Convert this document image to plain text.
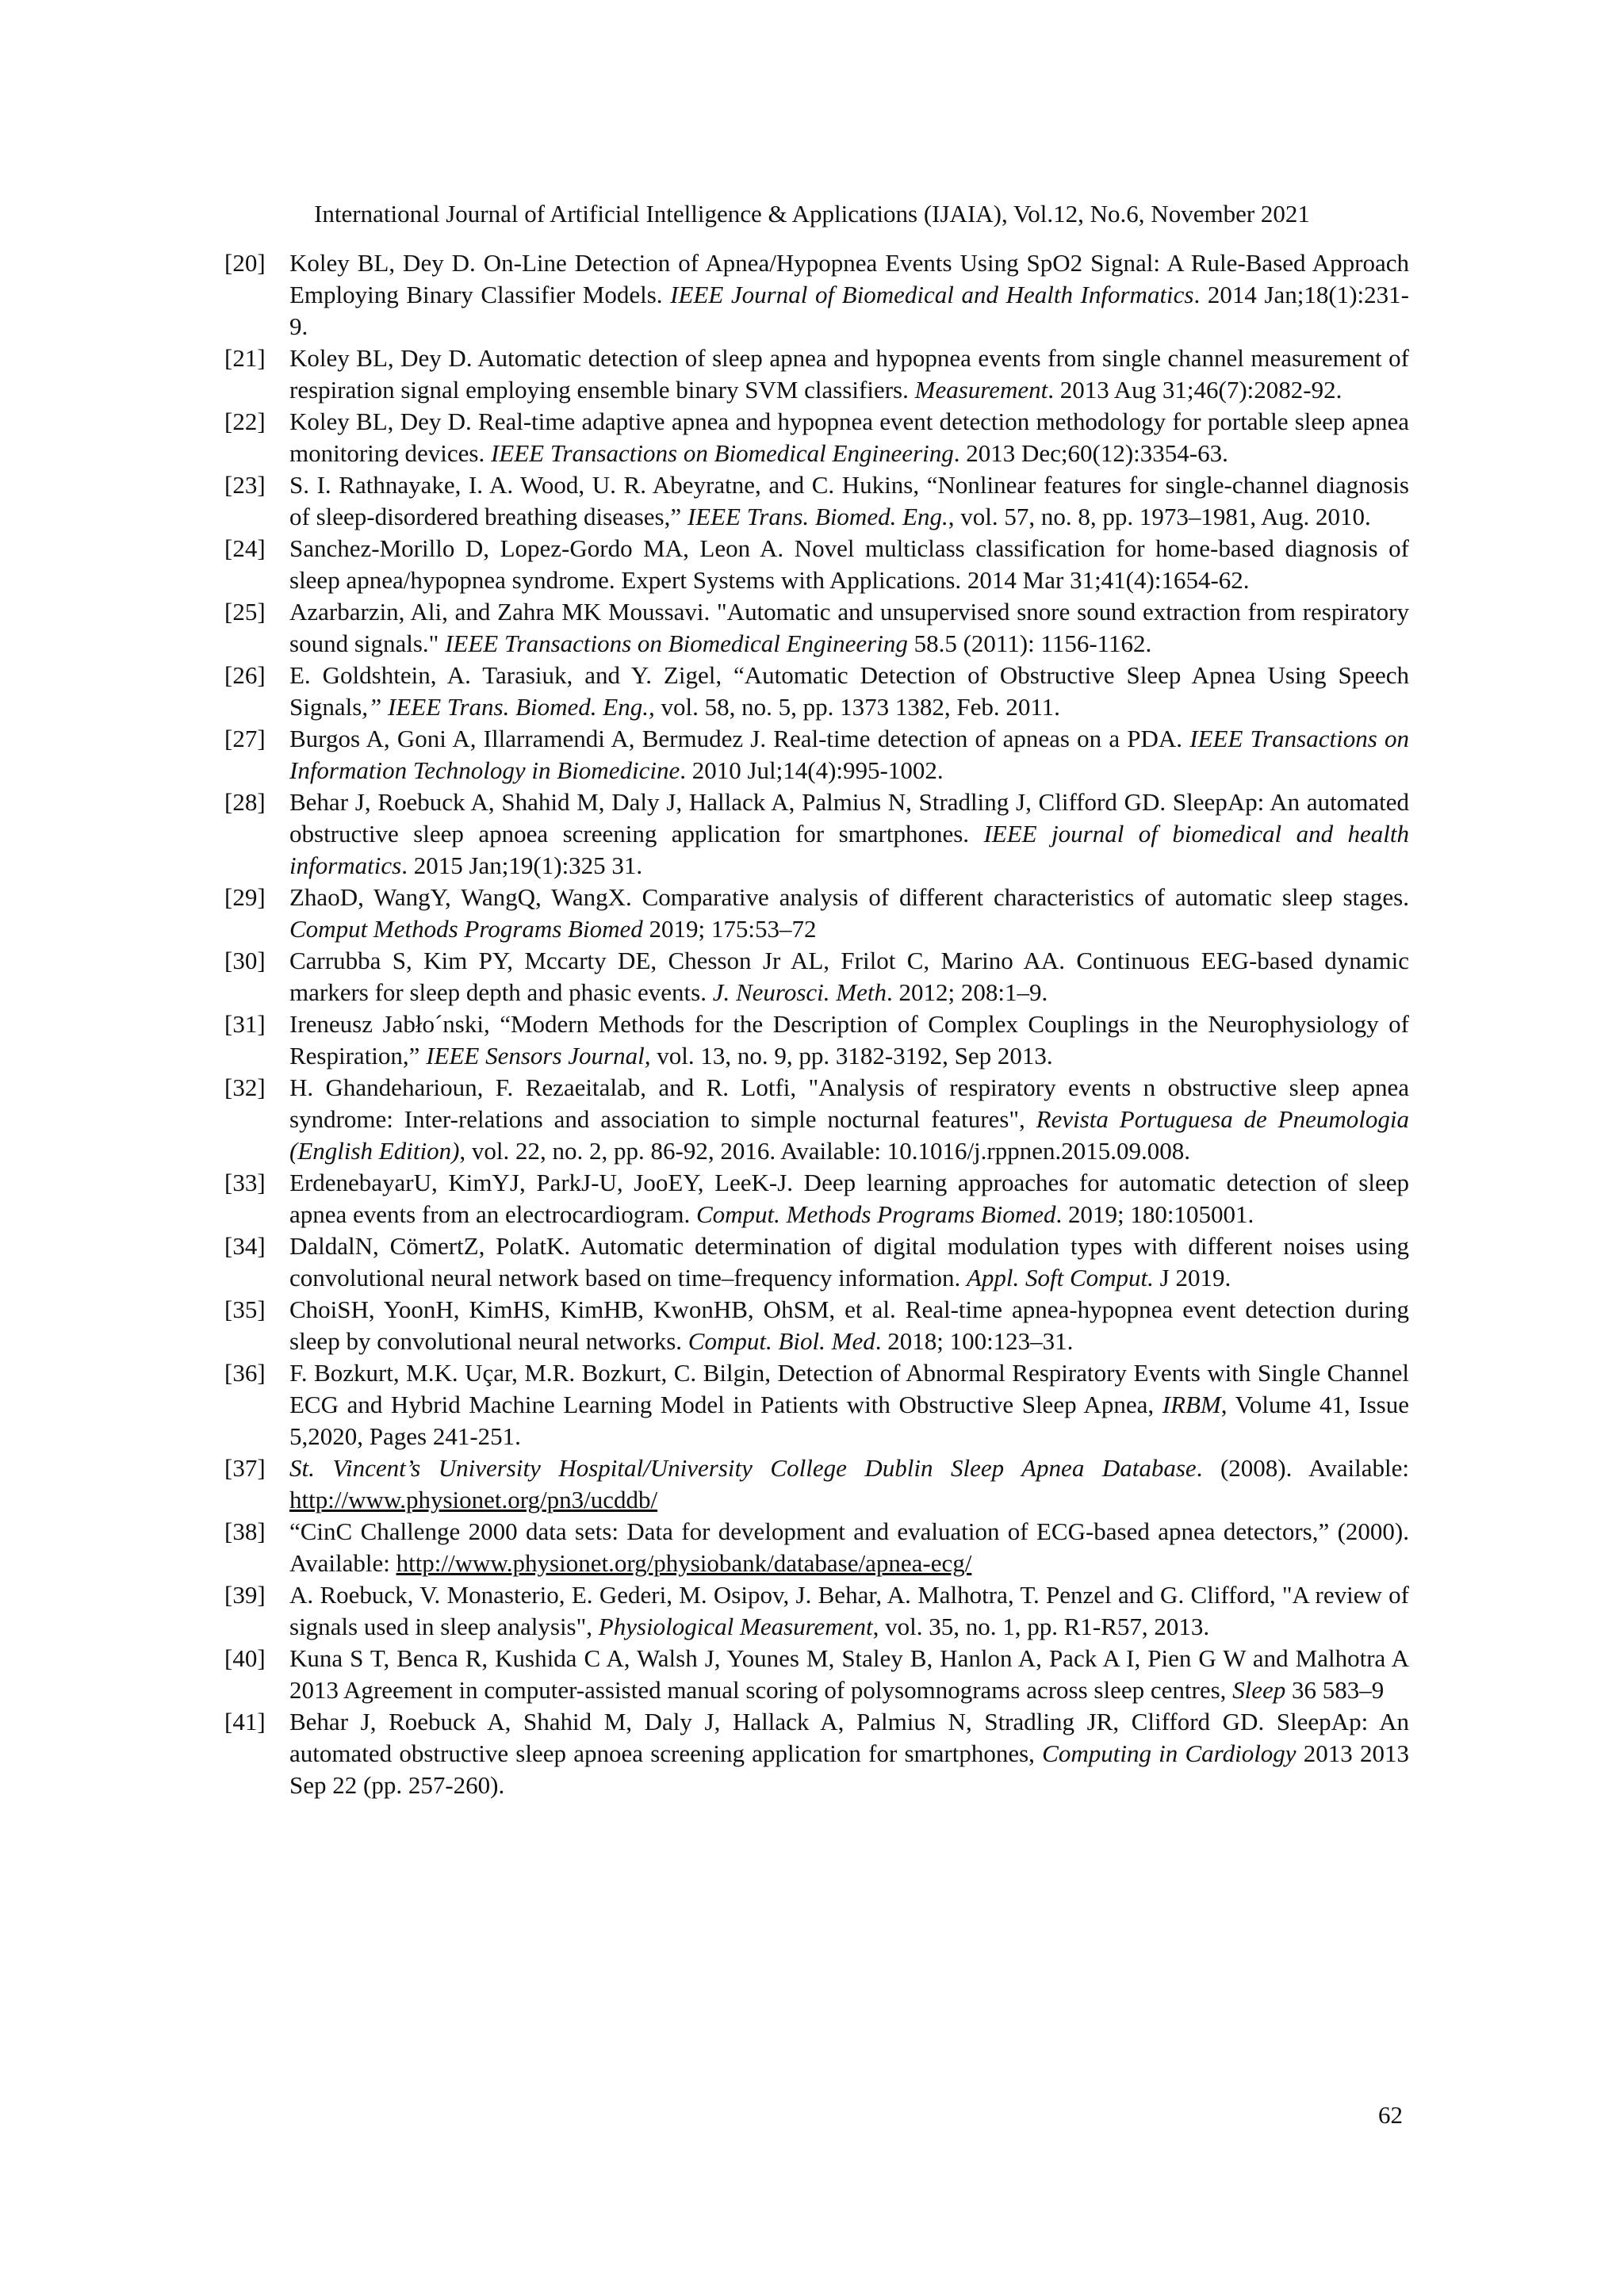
International Journal of Artificial Intelligence & Applications (IJAIA), Vol.12, No.6, November 2021
[20] Koley BL, Dey D. On-Line Detection of Apnea/Hypopnea Events Using SpO2 Signal: A Rule-Based Approach Employing Binary Classifier Models. IEEE Journal of Biomedical and Health Informatics. 2014 Jan;18(1):231-9.
[21] Koley BL, Dey D. Automatic detection of sleep apnea and hypopnea events from single channel measurement of respiration signal employing ensemble binary SVM classifiers. Measurement. 2013 Aug 31;46(7):2082-92.
[22] Koley BL, Dey D. Real-time adaptive apnea and hypopnea event detection methodology for portable sleep apnea monitoring devices. IEEE Transactions on Biomedical Engineering. 2013 Dec;60(12):3354-63.
[23] S. I. Rathnayake, I. A. Wood, U. R. Abeyratne, and C. Hukins, “Nonlinear features for single-channel diagnosis of sleep-disordered breathing diseases,” IEEE Trans. Biomed. Eng., vol. 57, no. 8, pp. 1973–1981, Aug. 2010.
[24] Sanchez-Morillo D, Lopez-Gordo MA, Leon A. Novel multiclass classification for home-based diagnosis of sleep apnea/hypopnea syndrome. Expert Systems with Applications. 2014 Mar 31;41(4):1654-62.
[25] Azarbarzin, Ali, and Zahra MK Moussavi. "Automatic and unsupervised snore sound extraction from respiratory sound signals." IEEE Transactions on Biomedical Engineering 58.5 (2011): 1156-1162.
[26] E. Goldshtein, A. Tarasiuk, and Y. Zigel, “Automatic Detection of Obstructive Sleep Apnea Using Speech Signals,” IEEE Trans. Biomed. Eng., vol. 58, no. 5, pp. 1373 1382, Feb. 2011.
[27] Burgos A, Goni A, Illarramendi A, Bermudez J. Real-time detection of apneas on a PDA. IEEE Transactions on Information Technology in Biomedicine. 2010 Jul;14(4):995-1002.
[28] Behar J, Roebuck A, Shahid M, Daly J, Hallack A, Palmius N, Stradling J, Clifford GD. SleepAp: An automated obstructive sleep apnoea screening application for smartphones. IEEE journal of biomedical and health informatics. 2015 Jan;19(1):325 31.
[29] ZhaoD, WangY, WangQ, WangX. Comparative analysis of different characteristics of automatic sleep stages. Comput Methods Programs Biomed 2019; 175:53–72
[30] Carrubba S, Kim PY, Mccarty DE, Chesson Jr AL, Frilot C, Marino AA. Continuous EEG-based dynamic markers for sleep depth and phasic events. J. Neurosci. Meth. 2012; 208:1–9.
[31] Ireneusz Jabło´nski, “Modern Methods for the Description of Complex Couplings in the Neurophysiology of Respiration,” IEEE Sensors Journal, vol. 13, no. 9, pp. 3182-3192, Sep 2013.
[32] H. Ghandeharioun, F. Rezaeitalab, and R. Lotfi, "Analysis of respiratory events n obstructive sleep apnea syndrome: Inter-relations and association to simple nocturnal features", Revista Portuguesa de Pneumologia (English Edition), vol. 22, no. 2, pp. 86-92, 2016. Available: 10.1016/j.rppnen.2015.09.008.
[33] ErdenebayarU, KimYJ, ParkJ-U, JooEY, LeeK-J. Deep learning approaches for automatic detection of sleep apnea events from an electrocardiogram. Comput. Methods Programs Biomed. 2019; 180:105001.
[34] DaldalN, CömertZ, PolatK. Automatic determination of digital modulation types with different noises using convolutional neural network based on time–frequency information. Appl. Soft Comput. J 2019.
[35] ChoiSH, YoonH, KimHS, KimHB, KwonHB, OhSM, et al. Real-time apnea-hypopnea event detection during sleep by convolutional neural networks. Comput. Biol. Med. 2018; 100:123–31.
[36] F. Bozkurt, M.K. Uçar, M.R. Bozkurt, C. Bilgin, Detection of Abnormal Respiratory Events with Single Channel ECG and Hybrid Machine Learning Model in Patients with Obstructive Sleep Apnea, IRBM, Volume 41, Issue 5,2020, Pages 241-251.
[37] St. Vincent’s University Hospital/University College Dublin Sleep Apnea Database. (2008). Available: http://www.physionet.org/pn3/ucddb/
[38] “CinC Challenge 2000 data sets: Data for development and evaluation of ECG-based apnea detectors,” (2000). Available: http://www.physionet.org/physiobank/database/apnea-ecg/
[39] A. Roebuck, V. Monasterio, E. Gederi, M. Osipov, J. Behar, A. Malhotra, T. Penzel and G. Clifford, "A review of signals used in sleep analysis", Physiological Measurement, vol. 35, no. 1, pp. R1-R57, 2013.
[40] Kuna S T, Benca R, Kushida C A, Walsh J, Younes M, Staley B, Hanlon A, Pack A I, Pien G W and Malhotra A 2013 Agreement in computer-assisted manual scoring of polysomnograms across sleep centres, Sleep 36 583–9
[41] Behar J, Roebuck A, Shahid M, Daly J, Hallack A, Palmius N, Stradling JR, Clifford GD. SleepAp: An automated obstructive sleep apnoea screening application for smartphones, Computing in Cardiology 2013 2013 Sep 22 (pp. 257-260).
62
